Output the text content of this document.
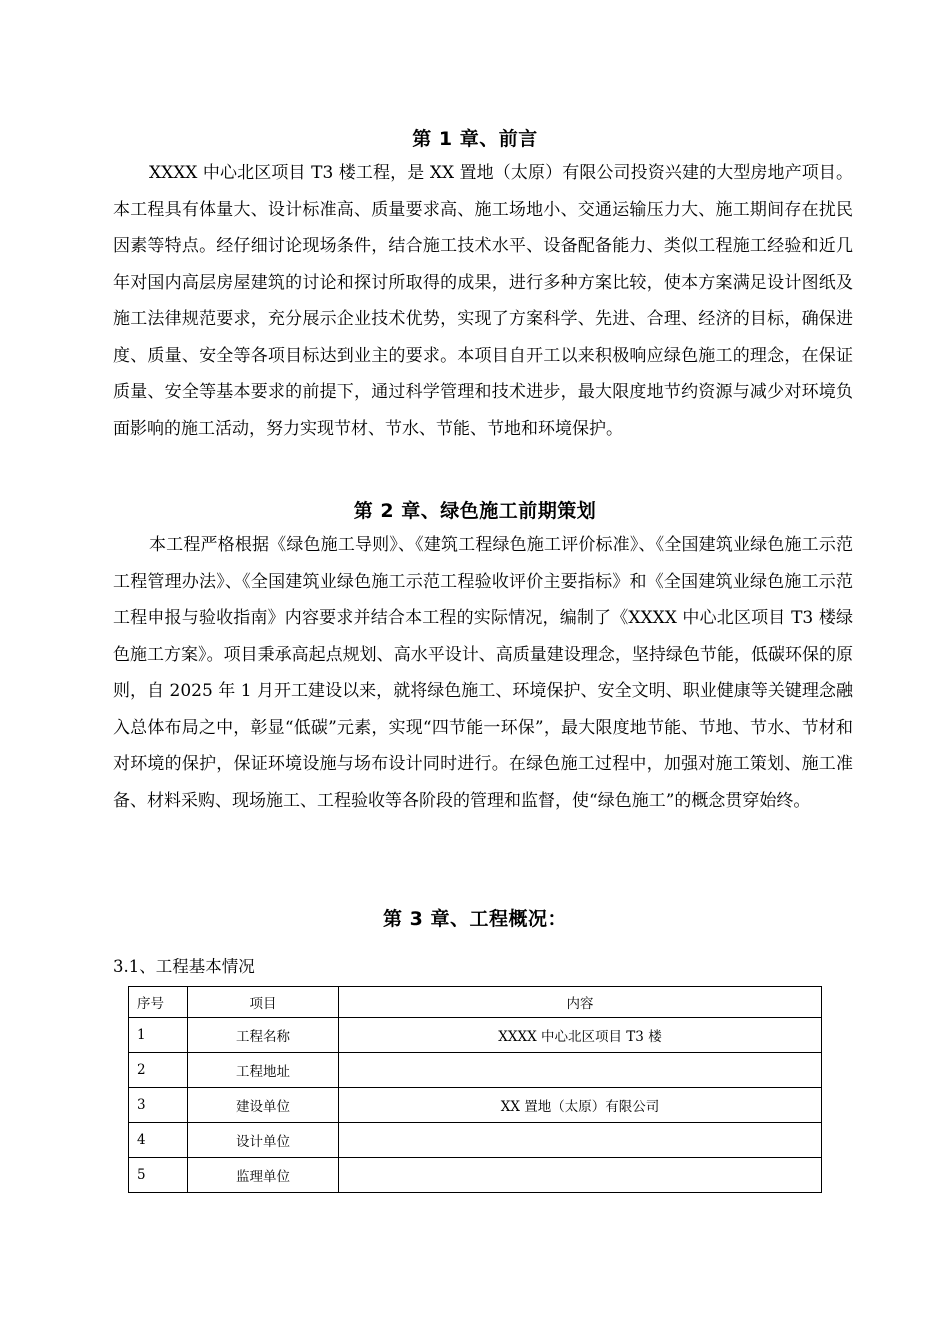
第 1 章、前言

XXXX 中心北区项目 T3 楼工程，是 XX 置地（太原）有限公司投资兴建的大型房地产项目。本工程具有体量大、设计标准高、质量要求高、施工场地小、交通运输压力大、施工期间存在扰民因素等特点。经仔细讨论现场条件，结合施工技术水平、设备配备能力、类似工程施工经验和近几年对国内高层房屋建筑的讨论和探讨所取得的成果，进行多种方案比较，使本方案满足设计图纸及施工法律规范要求，充分展示企业技术优势，实现了方案科学、先进、合理、经济的目标，确保进度、质量、安全等各项目标达到业主的要求。本项目自开工以来积极响应绿色施工的理念，在保证质量、安全等基本要求的前提下，通过科学管理和技术进步，最大限度地节约资源与减少对环境负面影响的施工活动，努力实现节材、节水、节能、节地和环境保护。

第 2 章、绿色施工前期策划

本工程严格根据《绿色施工导则》、《建筑工程绿色施工评价标准》、《全国建筑业绿色施工示范工程管理办法》、《全国建筑业绿色施工示范工程验收评价主要指标》和《全国建筑业绿色施工示范工程申报与验收指南》内容要求并结合本工程的实际情况，编制了《XXXX 中心北区项目 T3 楼绿色施工方案》。项目秉承高起点规划、高水平设计、高质量建设理念，坚持绿色节能，低碳环保的原则，自 2025 年 1 月开工建设以来，就将绿色施工、环境保护、安全文明、职业健康等关键理念融入总体布局之中，彰显“低碳”元素，实现“四节能一环保”，最大限度地节能、节地、节水、节材和对环境的保护，保证环境设施与场布设计同时进行。在绿色施工过程中，加强对施工策划、施工准备、材料采购、现场施工、工程验收等各阶段的管理和监督，使“绿色施工”的概念贯穿始终。

第 3 章、工程概况：
3.1、工程基本情况
序号	项目	内容
1	工程名称	XXXX 中心北区项目 T3 楼
2	工程地址	
3	建设单位	XX 置地（太原）有限公司
4	设计单位	
5	监理单位	
